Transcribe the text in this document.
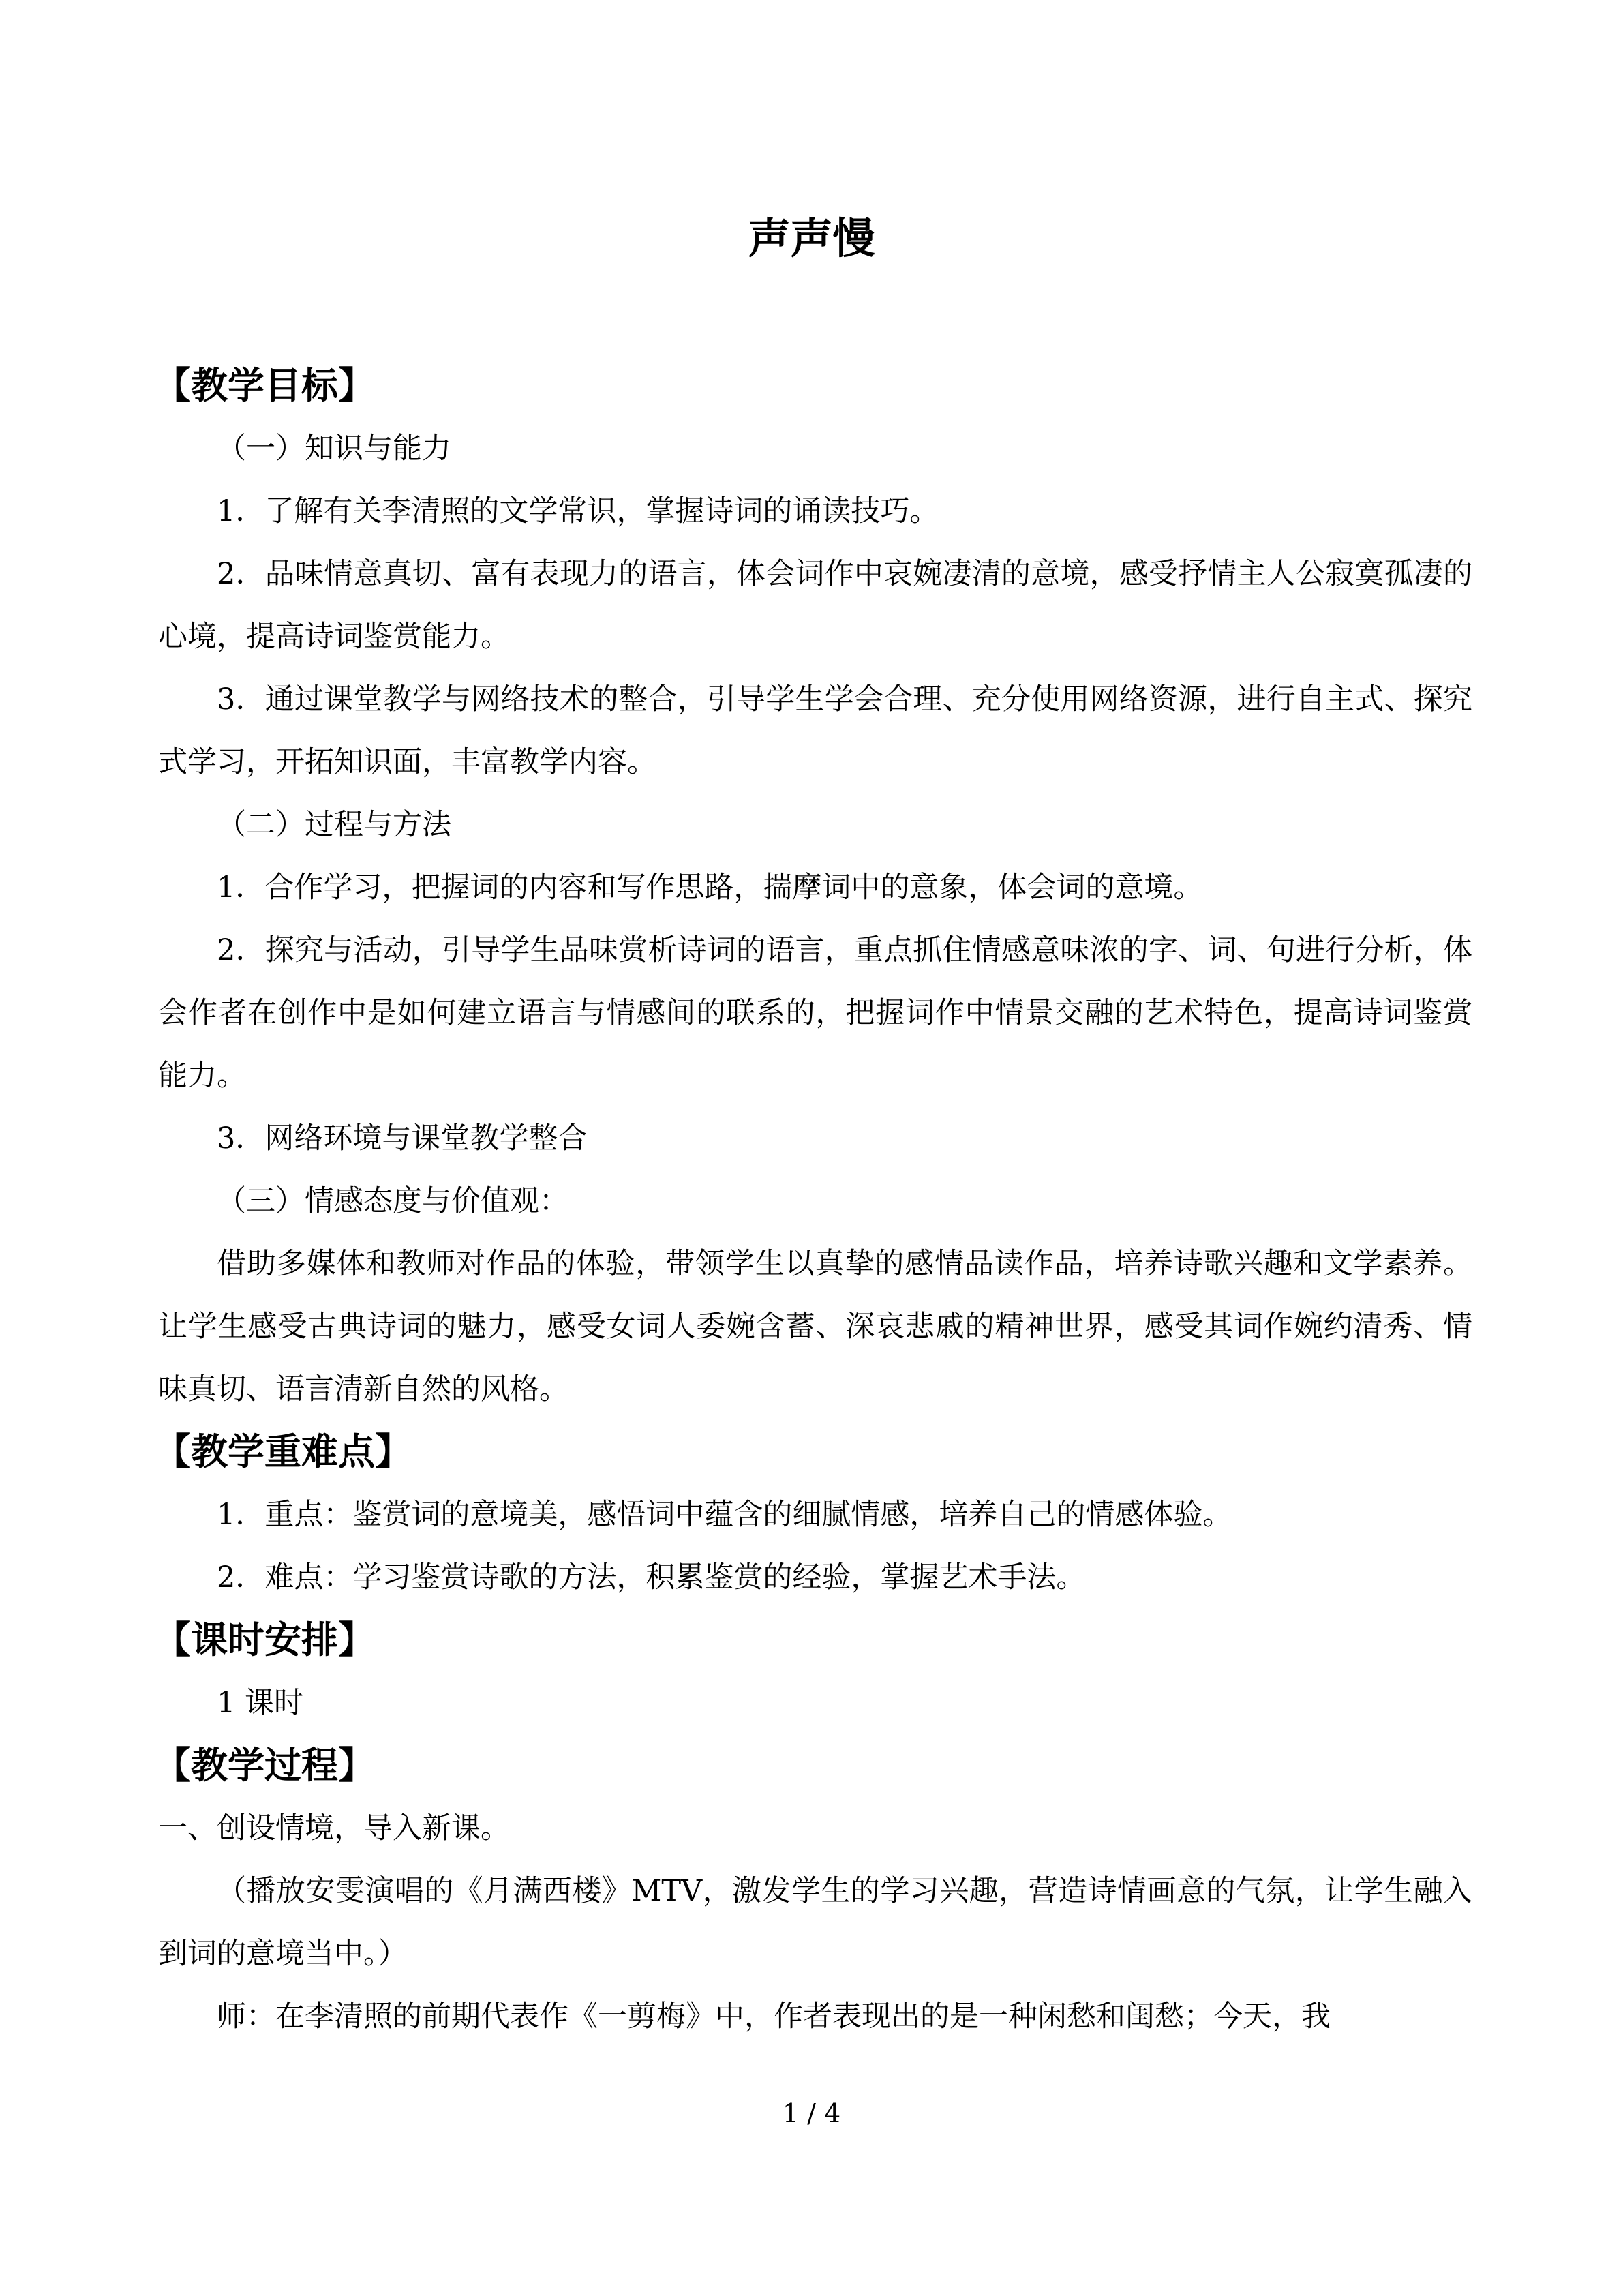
声声慢
【教学目标】

（一）知识与能力

1．了解有关李清照的文学常识，掌握诗词的诵读技巧。

2．品味情意真切、富有表现力的语言，体会词作中哀婉凄清的意境，感受抒情主人公寂寞孤凄的心境，提高诗词鉴赏能力。

3．通过课堂教学与网络技术的整合，引导学生学会合理、充分使用网络资源，进行自主式、探究式学习，开拓知识面，丰富教学内容。

（二）过程与方法

1．合作学习，把握词的内容和写作思路，揣摩词中的意象，体会词的意境。

2．探究与活动，引导学生品味赏析诗词的语言，重点抓住情感意味浓的字、词、句进行分析，体会作者在创作中是如何建立语言与情感间的联系的，把握词作中情景交融的艺术特色，提高诗词鉴赏能力。

3．网络环境与课堂教学整合

（三）情感态度与价值观：

借助多媒体和教师对作品的体验，带领学生以真挚的感情品读作品，培养诗歌兴趣和文学素养。让学生感受古典诗词的魅力，感受女词人委婉含蓄、深哀悲戚的精神世界，感受其词作婉约清秀、情味真切、语言清新自然的风格。

【教学重难点】

1．重点：鉴赏词的意境美，感悟词中蕴含的细腻情感，培养自己的情感体验。

2．难点：学习鉴赏诗歌的方法，积累鉴赏的经验，掌握艺术手法。

【课时安排】

1 课时

【教学过程】

一、创设情境，导入新课。

（播放安雯演唱的《月满西楼》MTV，激发学生的学习兴趣，营造诗情画意的气氛，让学生融入到词的意境当中。）

师：在李清照的前期代表作《一剪梅》中，作者表现出的是一种闲愁和闺愁；今天，我

1 / 4
